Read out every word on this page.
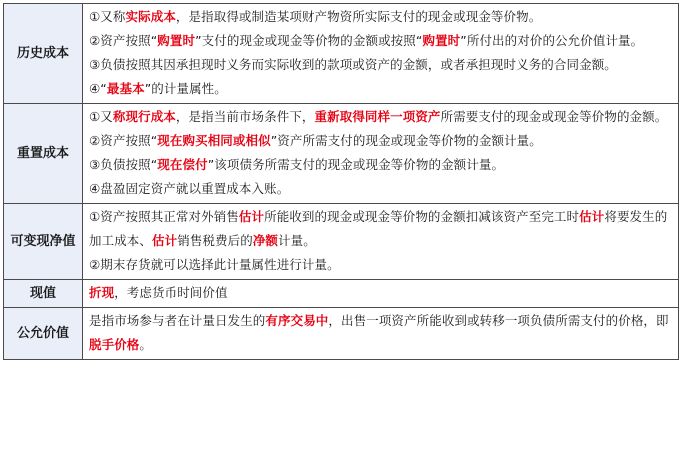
历史成本	①又称实际成本，是指取得或制造某项财产物资所实际支付的现金或现金等价物。
②资产按照“购置时”支付的现金或现金等价物的金额或按照“购置时”所付出的对价的公允价值计量。
③负债按照其因承担现时义务而实际收到的款项或资产的金额，或者承担现时义务的合同金额。
④“最基本”的计量属性。

重置成本	①又称现行成本，是指当前市场条件下，重新取得同样一项资产所需要支付的现金或现金等价物的金额。
②资产按照“现在购买相同或相似”资产所需支付的现金或现金等价物的金额计量。
③负债按照“现在偿付”该项债务所需支付的现金或现金等价物的金额计量。
④盘盈固定资产就以重置成本入账。

可变现净值	①资产按照其正常对外销售估计所能收到的现金或现金等价物的金额扣减该资产至完工时估计将要发生的加工成本、估计销售税费后的净额计量。
②期末存货就可以选择此计量属性进行计量。

现值	折现，考虑货币时间价值

公允价值	是指市场参与者在计量日发生的有序交易中，出售一项资产所能收到或转移一项负债所需支付的价格，即脱手价格。
